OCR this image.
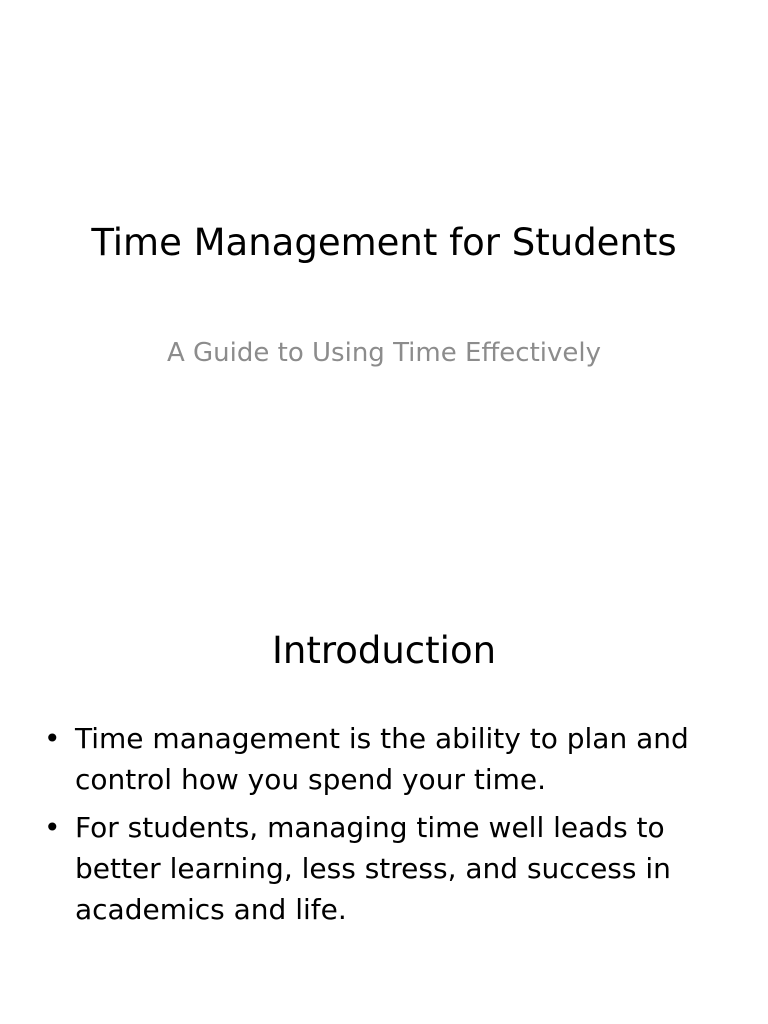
Time Management for Students
A Guide to Using Time Effectively
Introduction
• Time management is the ability to plan and control how you spend your time.
• For students, managing time well leads to better learning, less stress, and success in academics and life.
